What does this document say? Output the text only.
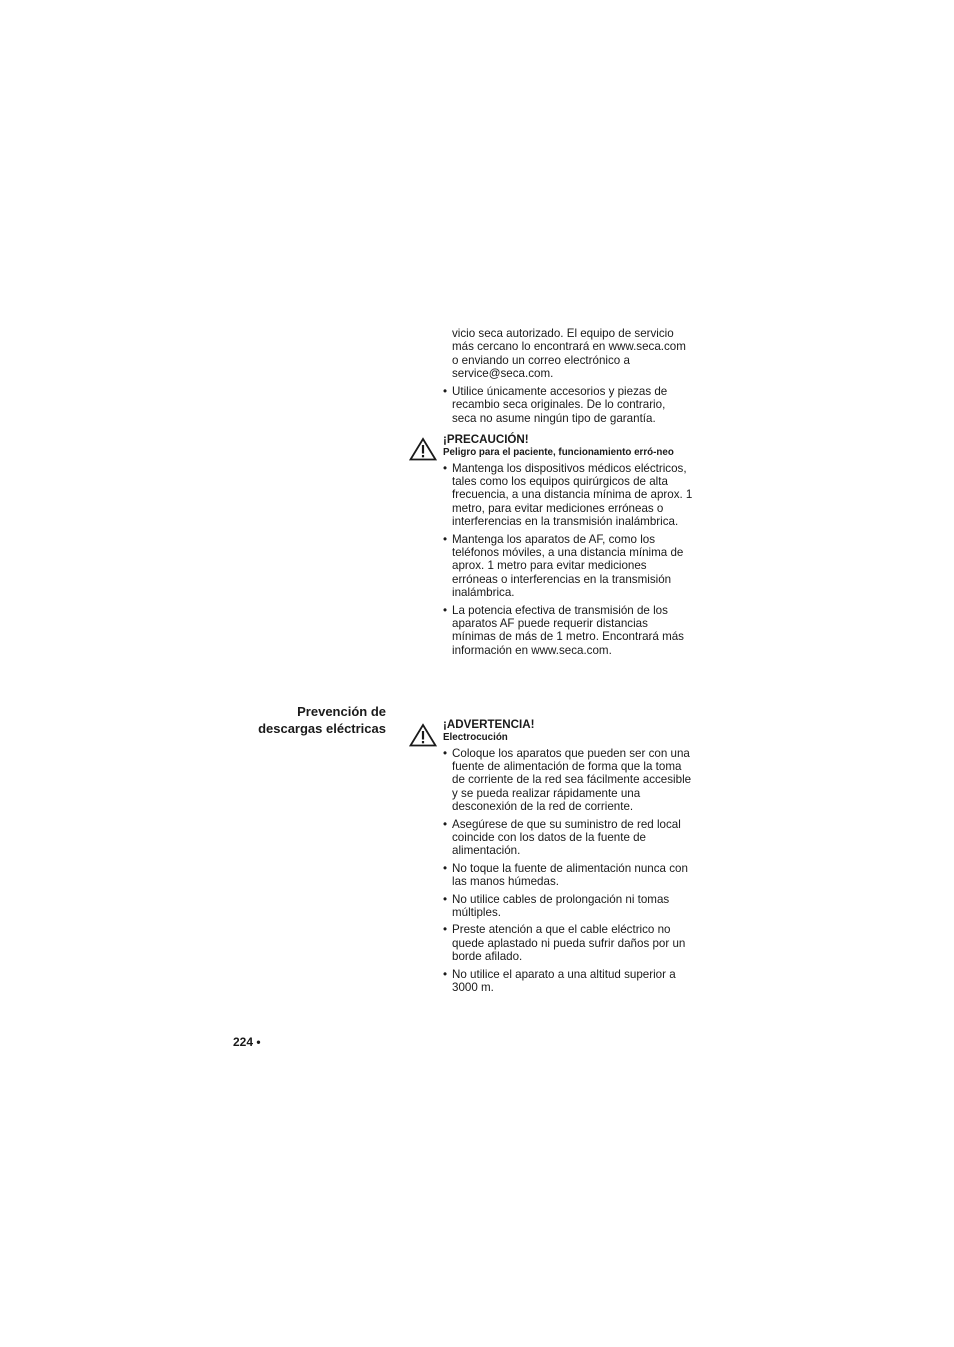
vicio seca autorizado. El equipo de servicio más cercano lo encontrará en www.seca.com o enviando un correo electrónico a service@seca.com.

• Utilice únicamente accesorios y piezas de recambio seca originales. De lo contrario, seca no asume ningún tipo de garantía.
¡PRECAUCIÓN!
Peligro para el paciente, funcionamiento erró-neo
• Mantenga los dispositivos médicos eléctricos, tales como los equipos quirúrgicos de alta frecuencia, a una distancia mínima de aprox. 1 metro, para evitar mediciones erróneas o interferencias en la transmisión inalámbrica.
• Mantenga los aparatos de AF, como los teléfonos móviles, a una distancia mínima de aprox. 1 metro para evitar mediciones erróneas o interferencias en la transmisión inalámbrica.
• La potencia efectiva de transmisión de los aparatos AF puede requerir distancias mínimas de más de 1 metro. Encontrará más información en www.seca.com.
Prevención de
descargas eléctricas	¡ADVERTENCIA!
Electrocución
• Coloque los aparatos que pueden ser con una fuente de alimentación de forma que la toma de corriente de la red sea fácilmente accesible y se pueda realizar rápidamente una desconexión de la red de corriente.
• Asegúrese de que su suministro de red local coincide con los datos de la fuente de alimentación.
• No toque la fuente de alimentación nunca con las manos húmedas.
• No utilice cables de prolongación ni tomas múltiples.
• Preste atención a que el cable eléctrico no quede aplastado ni pueda sufrir daños por un borde afilado.
• No utilice el aparato a una altitud superior a 3000 m.
224 •
